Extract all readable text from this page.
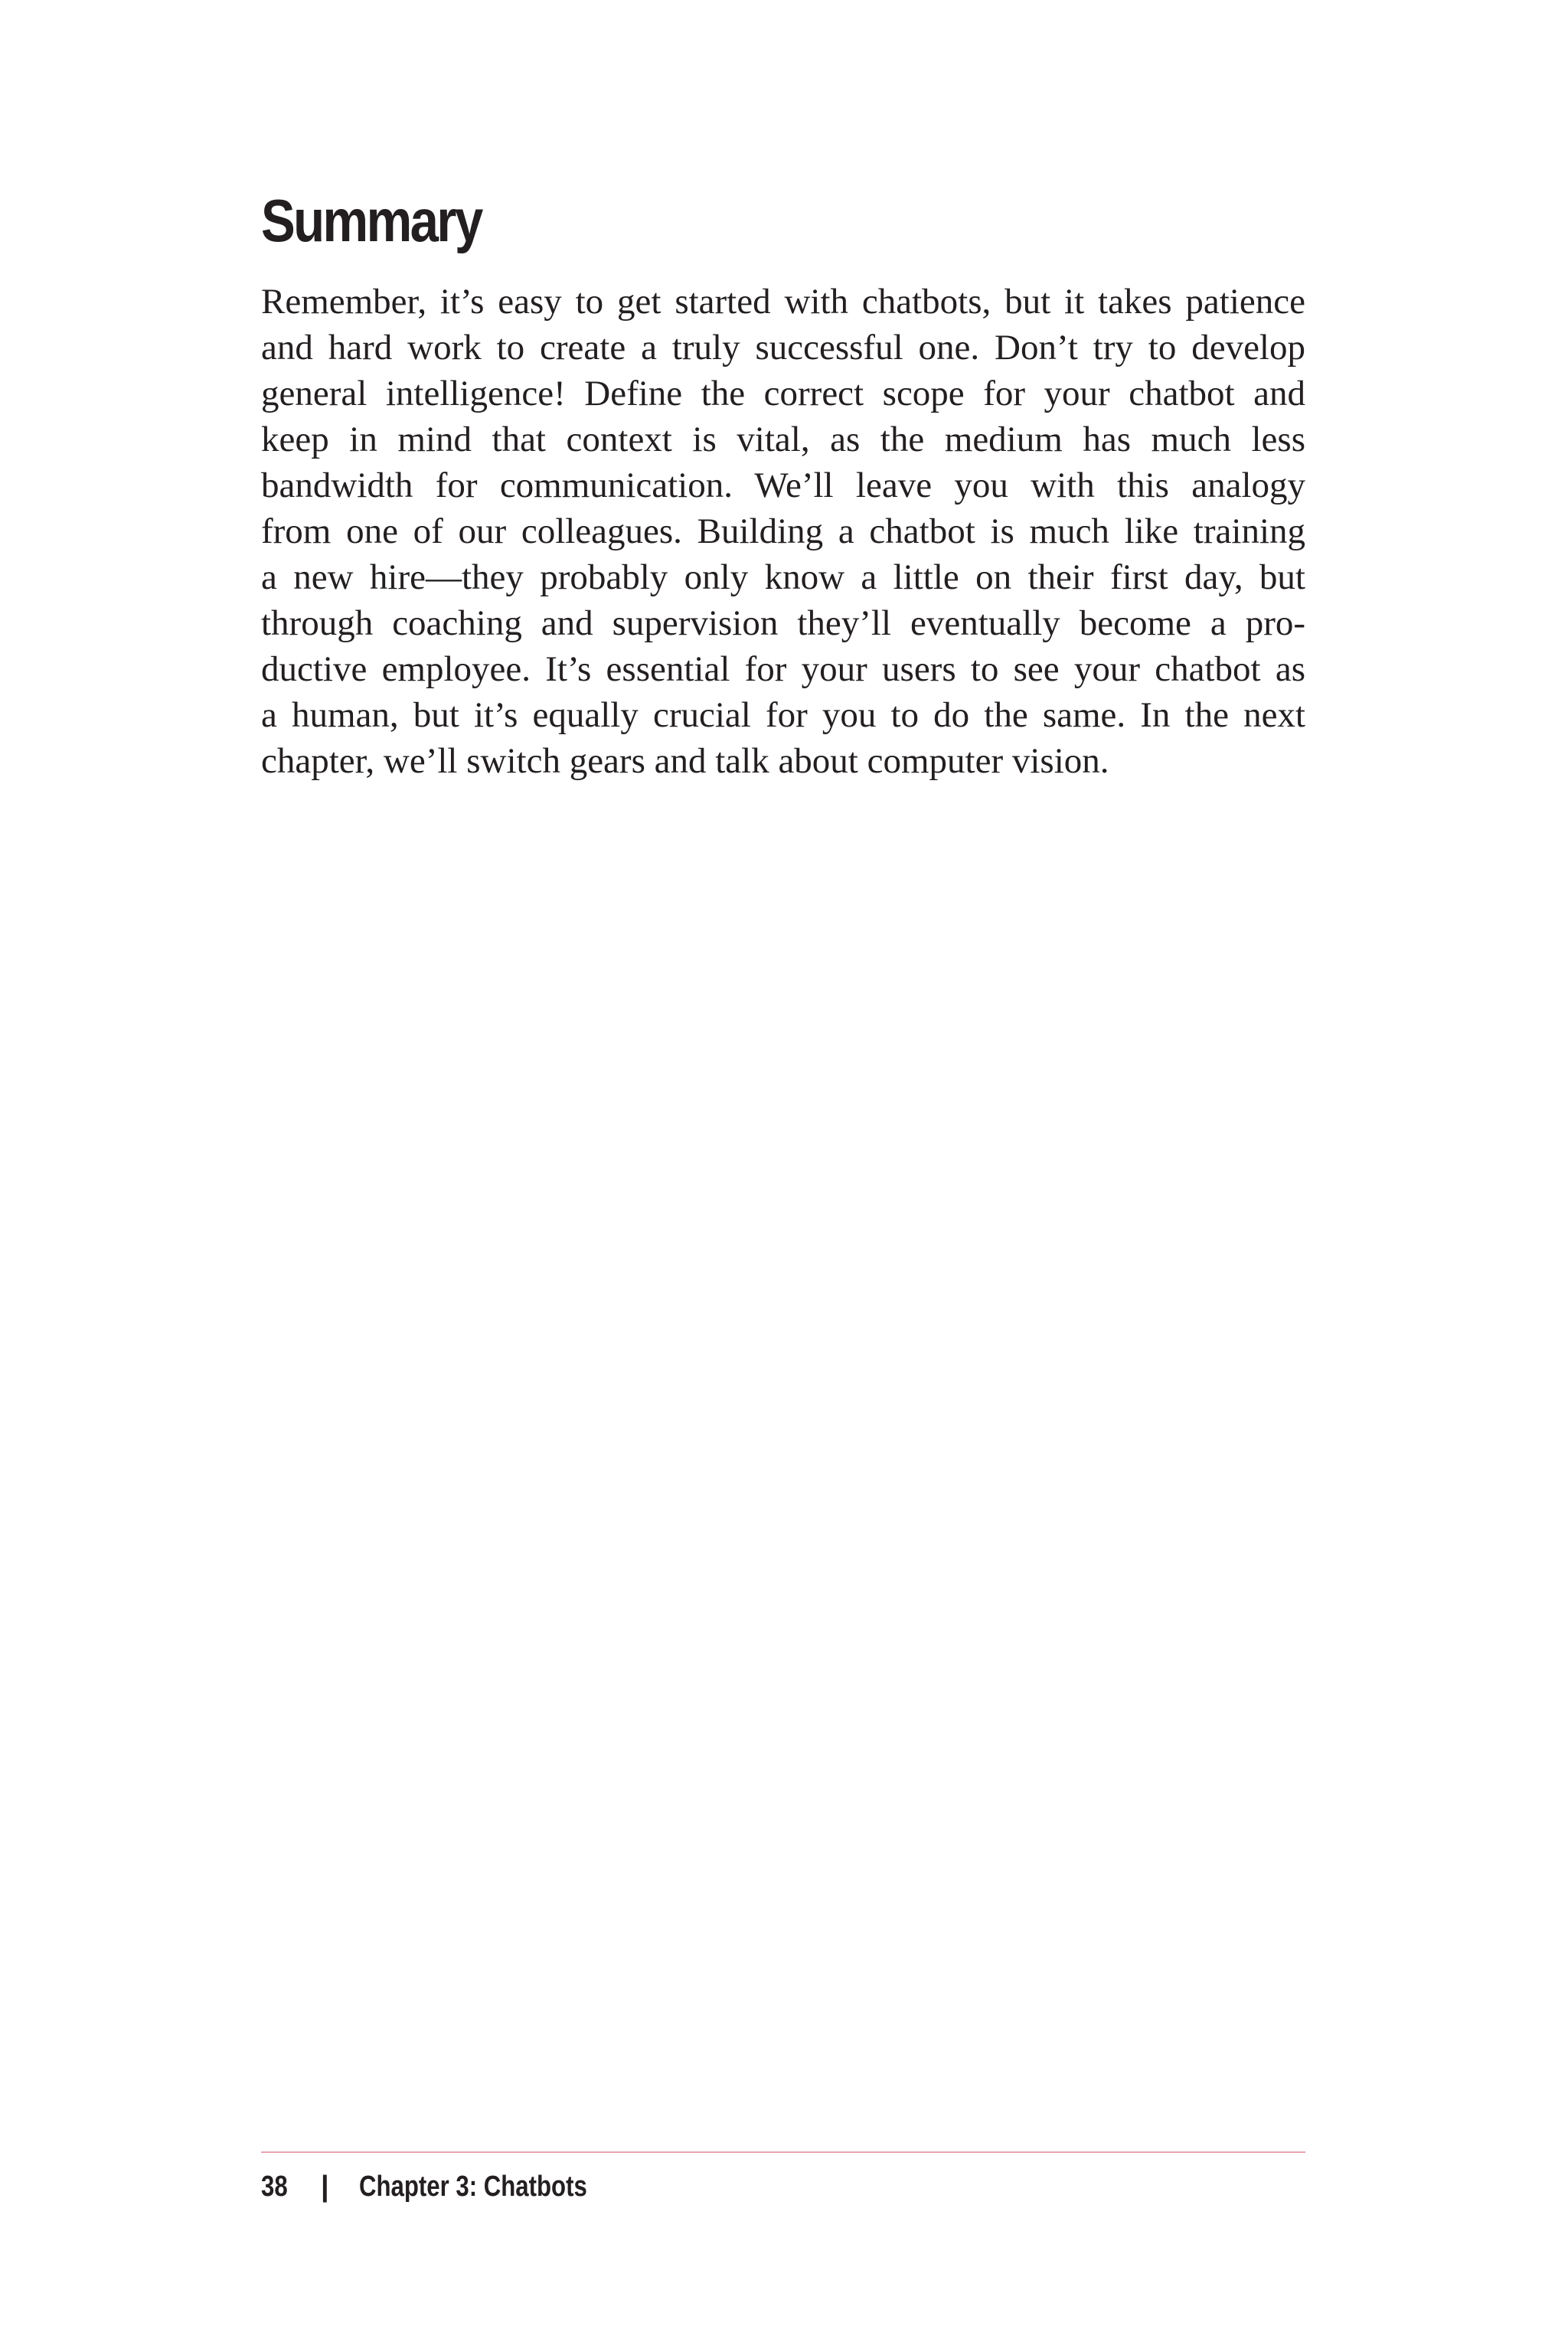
Summary
Remember, it’s easy to get started with chatbots, but it takes patience
and hard work to create a truly successful one. Don’t try to develop
general intelligence! Define the correct scope for your chatbot and
keep in mind that context is vital, as the medium has much less
bandwidth for communication. We’ll leave you with this analogy
from one of our colleagues. Building a chatbot is much like training
a new hire—they probably only know a little on their first day, but
through coaching and supervision they’ll eventually become a pro-
ductive employee. It’s essential for your users to see your chatbot as
a human, but it’s equally crucial for you to do the same. In the next
chapter, we’ll switch gears and talk about computer vision.
38 | Chapter 3: Chatbots
